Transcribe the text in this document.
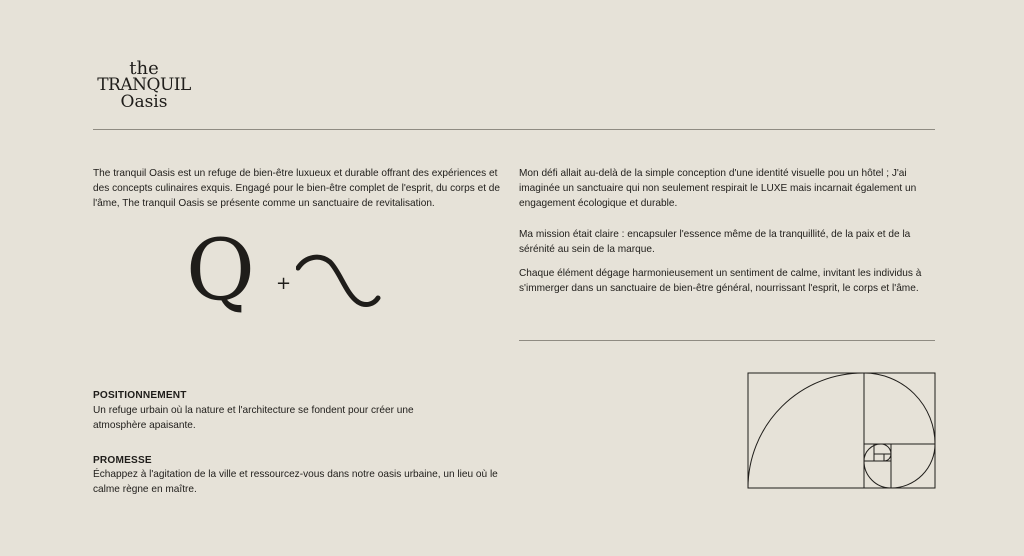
the
TRANQUIL
Oasis

The tranquil Oasis est un refuge de bien-être luxueux et durable offrant des expériences et des concepts culinaires exquis. Engagé pour le bien-être complet de l'esprit, du corps et de l'âme, The tranquil Oasis se présente comme un sanctuaire de revitalisation.

Q +

Mon défi allait au-delà de la simple conception d'une identité visuelle pou un hôtel ; J'ai imaginée un sanctuaire qui non seulement respirait le LUXE mais incarnait également un engagement écologique et durable.

Ma mission était claire : encapsuler l'essence même de la tranquillité, de la paix et de la sérénité au sein de la marque.

Chaque élément dégage harmonieusement un sentiment de calme, invitant les individus à s'immerger dans un sanctuaire de bien-être général, nourrissant l'esprit, le corps et l'âme.

POSITIONNEMENT

Un refuge urbain où la nature et l'architecture se fondent pour créer une atmosphère apaisante.

PROMESSE

Échappez à l'agitation de la ville et ressourcez-vous dans notre oasis urbaine, un lieu où le calme règne en maître.
